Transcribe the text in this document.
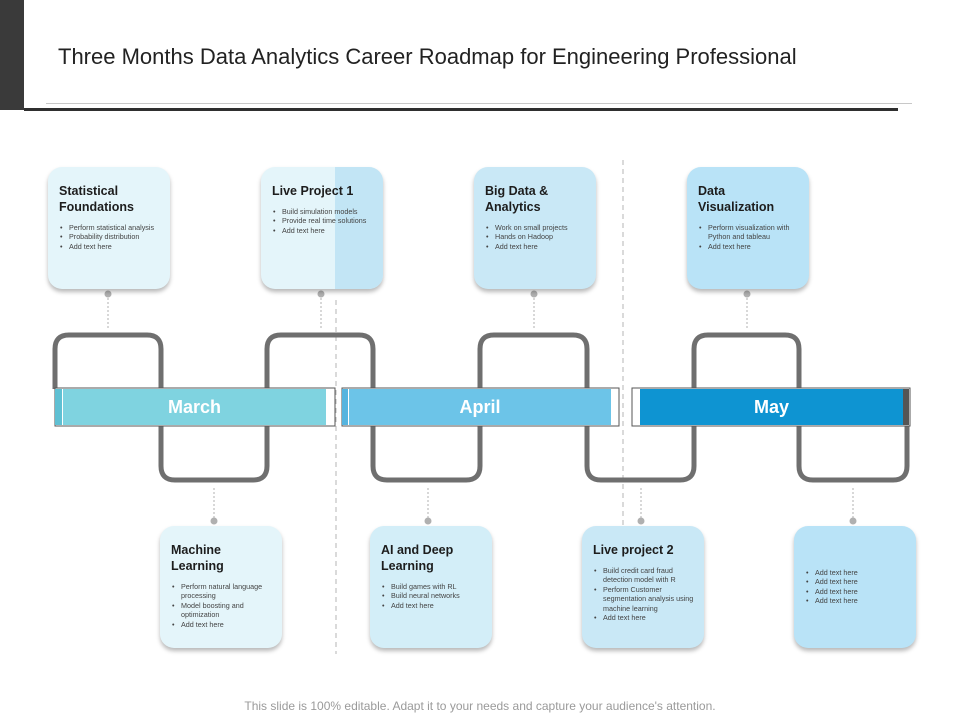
Three Months Data Analytics Career Roadmap for Engineering Professional
March	April	May
Statistical Foundations
• Perform statistical analysis
• Probability distribution
• Add text here
Live Project 1
• Build simulation models
• Provide real time solutions
• Add text here
Big Data & Analytics
• Work on small projects
• Hands on Hadoop
• Add text here
Data Visualization
• Perform visualization with Python and tableau
• Add text here
Machine Learning
• Perform natural language processing
• Model boosting and optimization
• Add text here
AI and Deep Learning
• Build games with RL
• Build neural networks
• Add text here
Live project 2
• Build credit card fraud detection model with R
• Perform Customer segmentation analysis using machine learning
• Add text here
• Add text here
• Add text here
• Add text here
• Add text here
This slide is 100% editable. Adapt it to your needs and capture your audience's attention.
